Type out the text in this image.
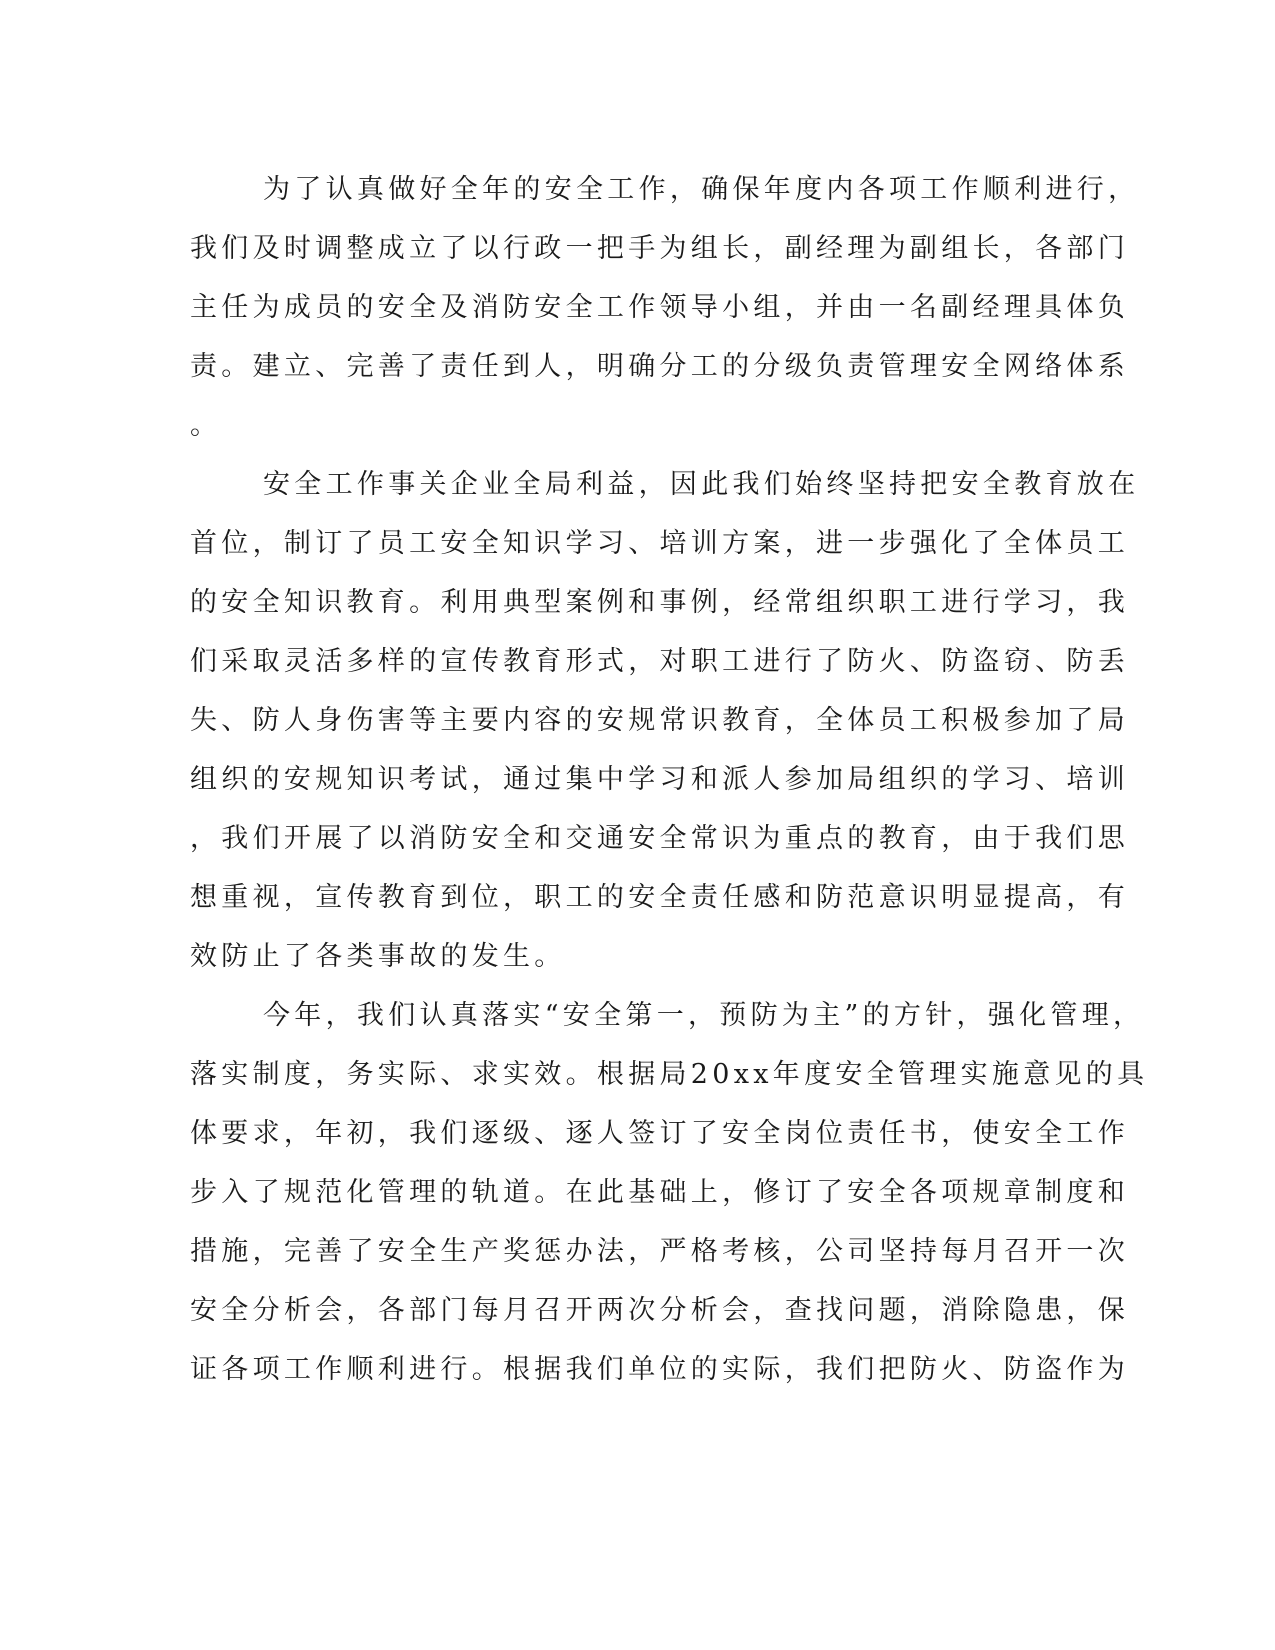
为了认真做好全年的安全工作，确保年度内各项工作顺利进行，
我们及时调整成立了以行政一把手为组长，副经理为副组长，各部门
主任为成员的安全及消防安全工作领导小组，并由一名副经理具体负
责。建立、完善了责任到人，明确分工的分级负责管理安全网络体系
。
安全工作事关企业全局利益，因此我们始终坚持把安全教育放在
首位，制订了员工安全知识学习、培训方案，进一步强化了全体员工
的安全知识教育。利用典型案例和事例，经常组织职工进行学习，我
们采取灵活多样的宣传教育形式，对职工进行了防火、防盗窃、防丢
失、防人身伤害等主要内容的安规常识教育，全体员工积极参加了局
组织的安规知识考试，通过集中学习和派人参加局组织的学习、培训
，我们开展了以消防安全和交通安全常识为重点的教育，由于我们思
想重视，宣传教育到位，职工的安全责任感和防范意识明显提高，有
效防止了各类事故的发生。
今年，我们认真落实“安全第一，预防为主”的方针，强化管理，
落实制度，务实际、求实效。根据局20xx年度安全管理实施意见的具
体要求，年初，我们逐级、逐人签订了安全岗位责任书，使安全工作
步入了规范化管理的轨道。在此基础上，修订了安全各项规章制度和
措施，完善了安全生产奖惩办法，严格考核，公司坚持每月召开一次
安全分析会，各部门每月召开两次分析会，查找问题，消除隐患，保
证各项工作顺利进行。根据我们单位的实际，我们把防火、防盗作为
